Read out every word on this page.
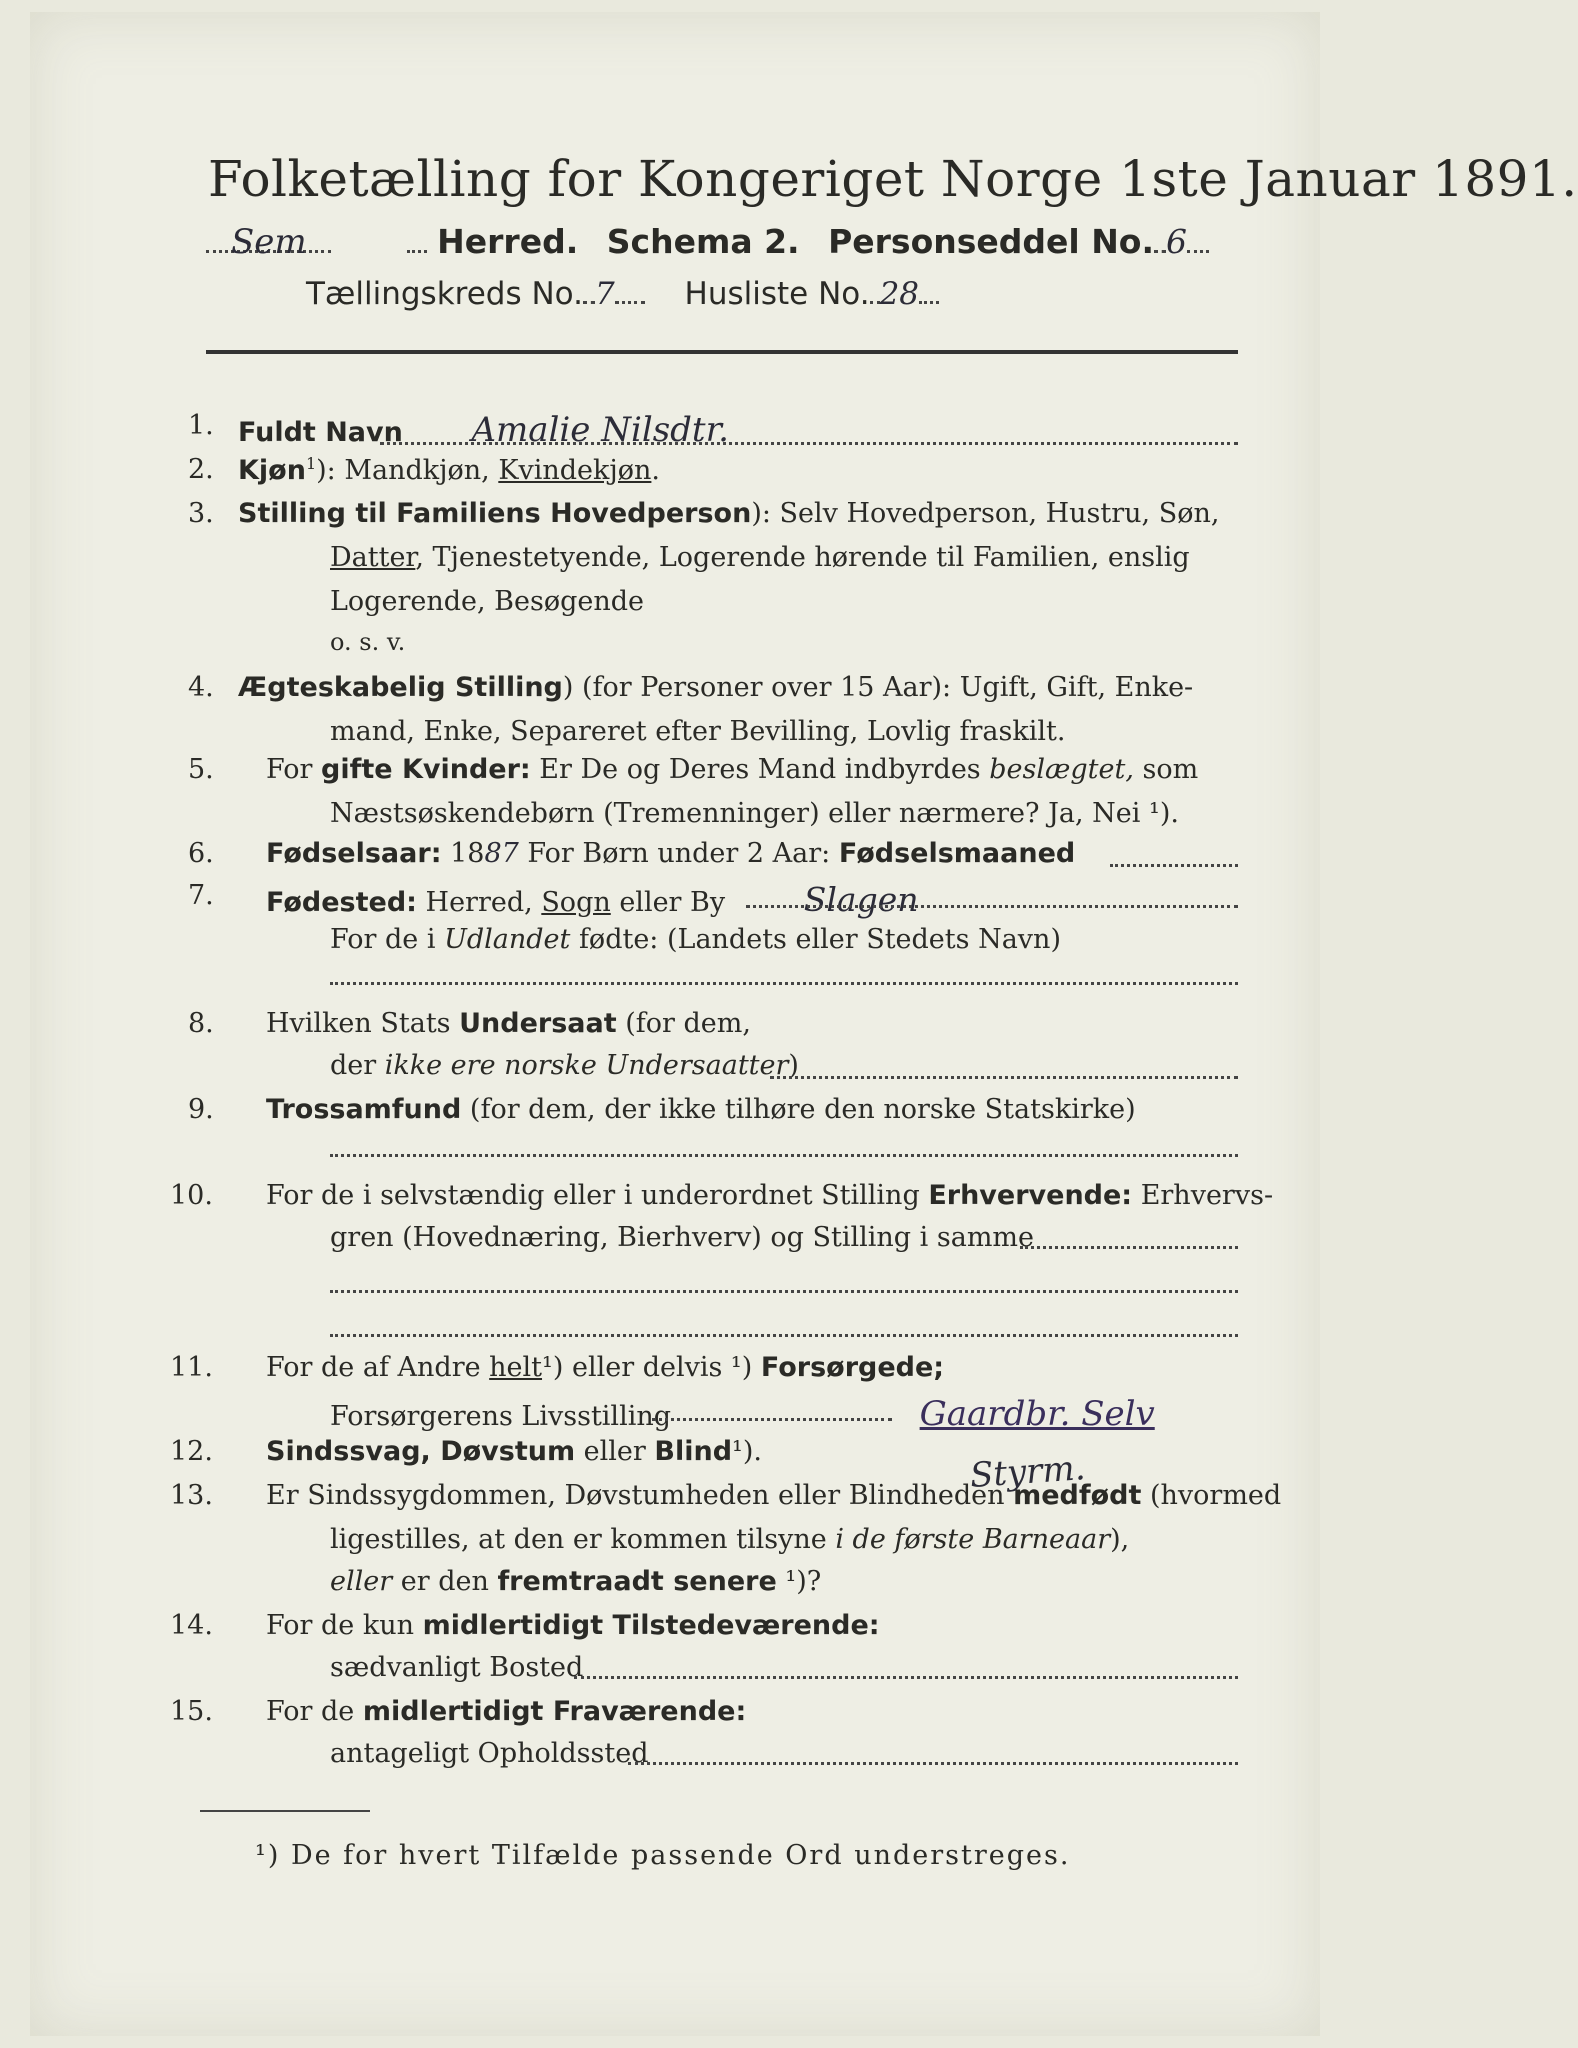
Folketælling for Kongeriget Norge 1ste Januar 1891.
Sem	Herred. Schema 2. Personseddel No. 6
Tællingskreds No. 7 Husliste No. 28
1. Fuldt Navn Amalie Nilsdtr.
2. Kjøn$^1$): Mandkjøn, Kvindekjøn.
3. Stilling til Familiens Hovedperson): Selv Hovedperson, Hustru, Søn,
Datter, Tjenestetyende, Logerende hørende til Familien, enslig
Logerende, Besøgende
o. s. v.
4. Ægteskabelig Stilling) (for Personer over 15 Aar): Ugift, Gift, Enke-
mand, Enke, Separeret efter Bevilling, Lovlig fraskilt.
5. For gifte Kvinder: Er De og Deres Mand indbyrdes beslægtet, som
Næstsøskendebørn (Tremenninger) eller nærmere? Ja, Nei ¹).
6. Fødselsaar: 1887 For Børn under 2 Aar: Fødselsmaaned
7. Fødested: Herred, Sogn eller By Slagen
For de i Udlandet fødte: (Landets eller Stedets Navn)
8. Hvilken Stats Undersaat (for dem,
der ikke ere norske Undersaatter)
9. Trossamfund (for dem, der ikke tilhøre den norske Statskirke)
10. For de i selvstændig eller i underordnet Stilling Erhvervende: Erhvervs-
gren (Hovednæring, Bierhverv) og Stilling i samme
11. For de af Andre helt¹) eller delvis ¹) Forsørgede;
Forsørgerens Livsstilling	Gaardbr. Selv
12. Sindssvag, Døvstum eller Blind¹).	Styrm.
13. Er Sindssygdommen, Døvstumheden eller Blindheden medfødt (hvormed
ligestilles, at den er kommen tilsyne i de første Barneaar),
eller er den fremtraadt senere ¹)?
14. For de kun midlertidigt Tilstedeværende:
sædvanligt Bosted
15. For de midlertidigt Fraværende:
antageligt Opholdssted
¹) De for hvert Tilfælde passende Ord understreges.
